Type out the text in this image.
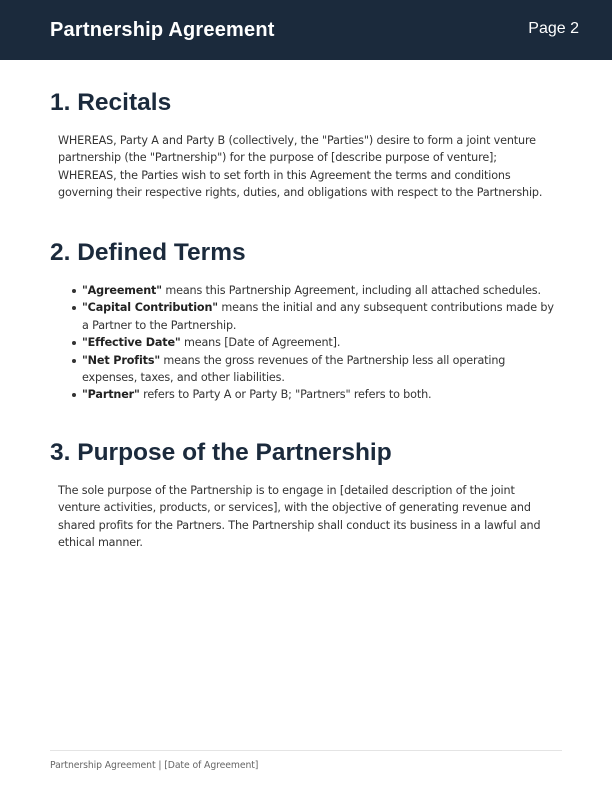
Partnership Agreement	Page 2
1. Recitals

WHEREAS, Party A and Party B (collectively, the "Parties") desire to form a joint venture partnership (the "Partnership") for the purpose of [describe purpose of venture]; WHEREAS, the Parties wish to set forth in this Agreement the terms and conditions governing their respective rights, duties, and obligations with respect to the Partnership.

2. Defined Terms
"Agreement" means this Partnership Agreement, including all attached schedules.
"Capital Contribution" means the initial and any subsequent contributions made by a Partner to the Partnership.
"Effective Date" means [Date of Agreement].
"Net Profits" means the gross revenues of the Partnership less all operating expenses, taxes, and other liabilities.
"Partner" refers to Party A or Party B; "Partners" refers to both.
3. Purpose of the Partnership

The sole purpose of the Partnership is to engage in [detailed description of the joint venture activities, products, or services], with the objective of generating revenue and shared profits for the Partners. The Partnership shall conduct its business in a lawful and ethical manner.

Partnership Agreement | [Date of Agreement]
